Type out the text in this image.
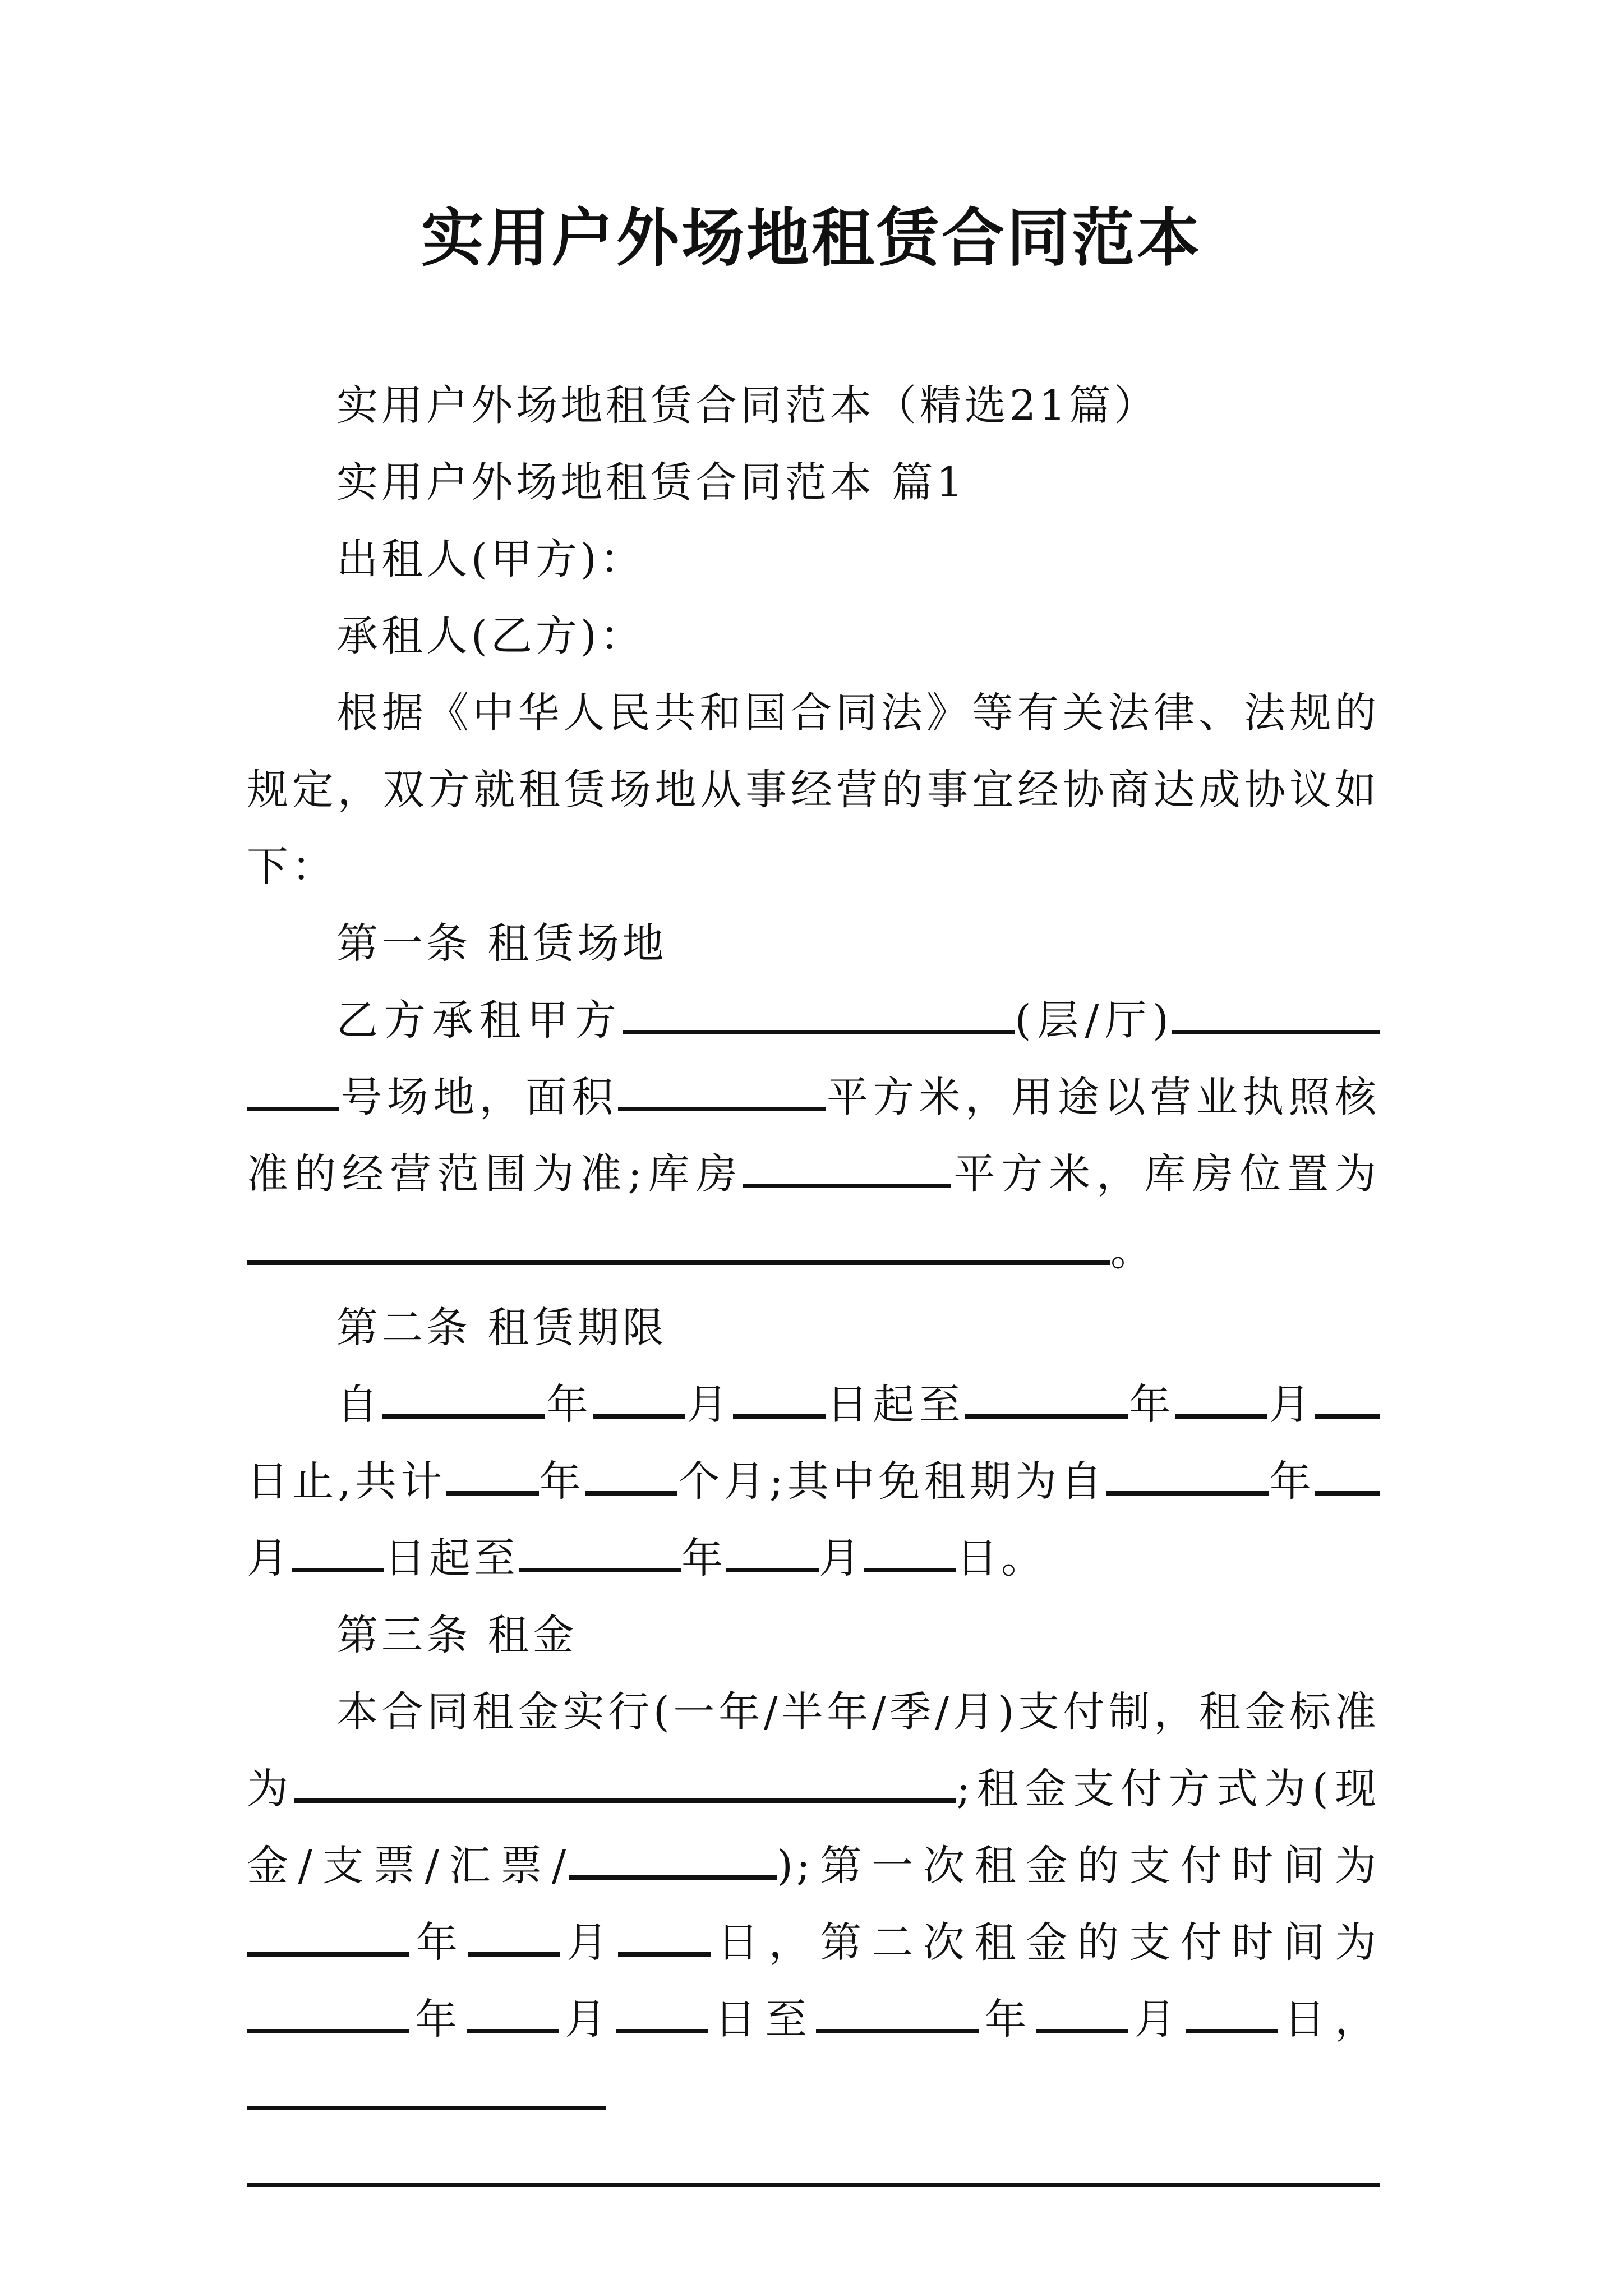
实用户外场地租赁合同范本

实用户外场地租赁合同范本（精选21篇）

实用户外场地租赁合同范本 篇1

出租人(甲方)：

承租人(乙方)：

根据《中华人民共和国合同法》等有关法律、法规的规定，双方就租赁场地从事经营的事宜经协商达成协议如下：

第一条 租赁场地

乙方承租甲方	(层/厅)号场地，面积	平方米，用途以营业执照核准的经营范围为准;库房	平方米，库房位置为。

第二条 租赁期限

自	年 月 日起至	年 月日止,共计 年 个月;其中免租期为自	年月 日起至	年 月 日。

第三条 租金

本合同租金实行(一年/半年/季/月)支付制，租金标准为	;租金支付方式为(现金/支票/汇票/	);第一次租金的支付时间为年 月 日，第二次租金的支付时间为年 月 日至	年 月 日，
